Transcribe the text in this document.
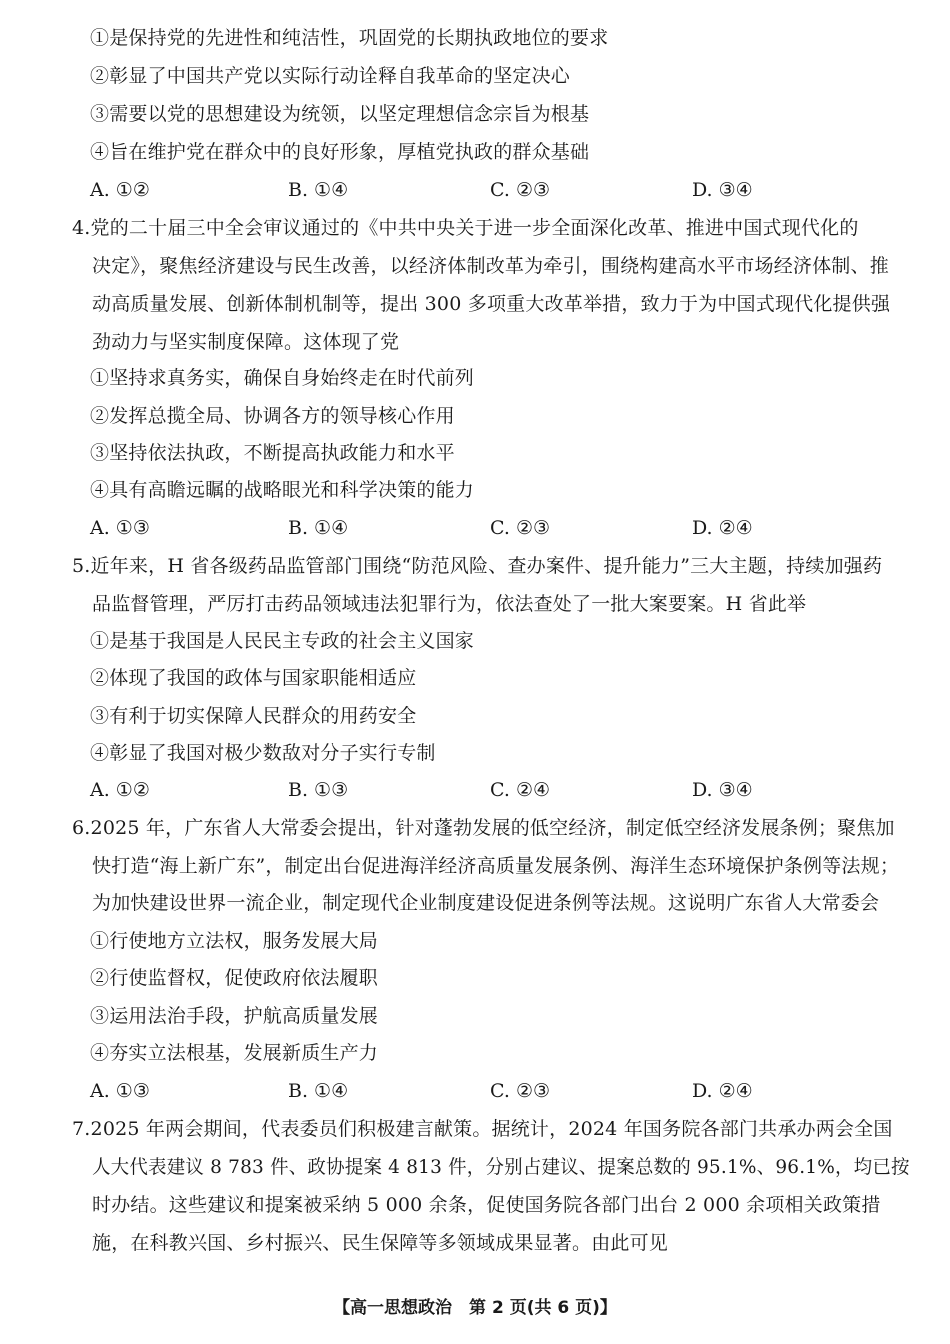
①是保持党的先进性和纯洁性，巩固党的长期执政地位的要求
②彰显了中国共产党以实际行动诠释自我革命的坚定决心
③需要以党的思想建设为统领，以坚定理想信念宗旨为根基
④旨在维护党在群众中的良好形象，厚植党执政的群众基础
A. ①②	B. ①④	C. ②③	D. ③④
4.党的二十届三中全会审议通过的《中共中央关于进一步全面深化改革、推进中国式现代化的
决定》，聚焦经济建设与民生改善，以经济体制改革为牵引，围绕构建高水平市场经济体制、推
动高质量发展、创新体制机制等，提出 300 多项重大改革举措，致力于为中国式现代化提供强
劲动力与坚实制度保障。这体现了党
①坚持求真务实，确保自身始终走在时代前列
②发挥总揽全局、协调各方的领导核心作用
③坚持依法执政，不断提高执政能力和水平
④具有高瞻远瞩的战略眼光和科学决策的能力
A. ①③	B. ①④	C. ②③	D. ②④
5.近年来，H 省各级药品监管部门围绕“防范风险、查办案件、提升能力”三大主题，持续加强药
品监督管理，严厉打击药品领域违法犯罪行为，依法查处了一批大案要案。H 省此举
①是基于我国是人民民主专政的社会主义国家
②体现了我国的政体与国家职能相适应
③有利于切实保障人民群众的用药安全
④彰显了我国对极少数敌对分子实行专制
A. ①②	B. ①③	C. ②④	D. ③④
6.2025 年，广东省人大常委会提出，针对蓬勃发展的低空经济，制定低空经济发展条例；聚焦加
快打造“海上新广东”，制定出台促进海洋经济高质量发展条例、海洋生态环境保护条例等法规；
为加快建设世界一流企业，制定现代企业制度建设促进条例等法规。这说明广东省人大常委会
①行使地方立法权，服务发展大局
②行使监督权，促使政府依法履职
③运用法治手段，护航高质量发展
④夯实立法根基，发展新质生产力
A. ①③	B. ①④	C. ②③	D. ②④
7.2025 年两会期间，代表委员们积极建言献策。据统计，2024 年国务院各部门共承办两会全国
人大代表建议 8 783 件、政协提案 4 813 件，分别占建议、提案总数的 95.1%、96.1%，均已按
时办结。这些建议和提案被采纳 5 000 余条，促使国务院各部门出台 2 000 余项相关政策措
施，在科教兴国、乡村振兴、民生保障等多领域成果显著。由此可见
【高一思想政治　第 2 页(共 6 页)】
